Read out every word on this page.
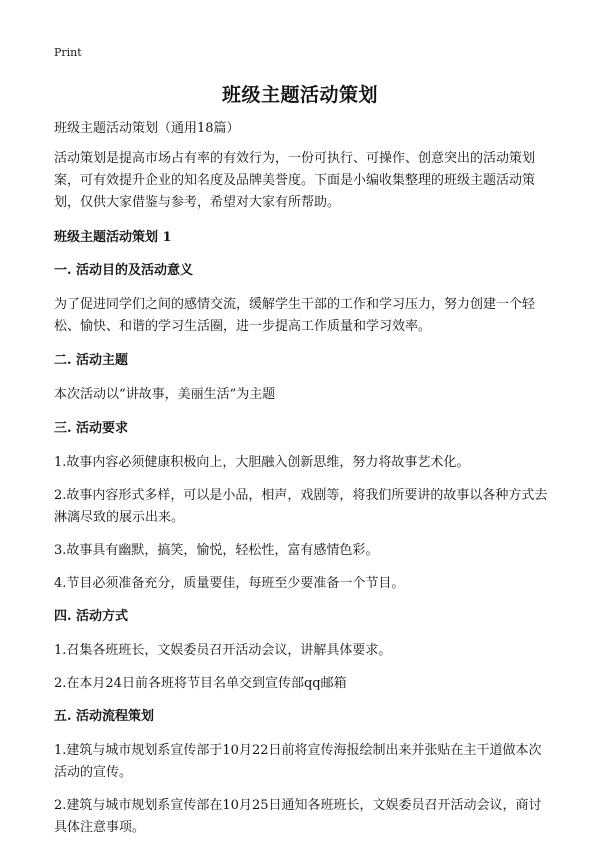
Print
班级主题活动策划

班级主题活动策划（通用18篇）

活动策划是提高市场占有率的有效行为，一份可执行、可操作、创意突出的活动策划案，可有效提升企业的知名度及品牌美誉度。下面是小编收集整理的班级主题活动策划，仅供大家借鉴与参考，希望对大家有所帮助。

班级主题活动策划 1
一. 活动目的及活动意义

为了促进同学们之间的感情交流，缓解学生干部的工作和学习压力，努力创建一个轻松、愉快、和谐的学习生活圈，进一步提高工作质量和学习效率。

二. 活动主题

本次活动以“讲故事，美丽生活”为主题

三. 活动要求

1.故事内容必须健康积极向上，大胆融入创新思维，努力将故事艺术化。

2.故事内容形式多样，可以是小品，相声，戏剧等，将我们所要讲的故事以各种方式去淋漓尽致的展示出来。

3.故事具有幽默，搞笑，愉悦，轻松性，富有感情色彩。

4.节目必须准备充分，质量要佳，每班至少要准备一个节目。

四. 活动方式

1.召集各班班长，文娱委员召开活动会议，讲解具体要求。

2.在本月24日前各班将节目名单交到宣传部qq邮箱

五. 活动流程策划

1.建筑与城市规划系宣传部于10月22日前将宣传海报绘制出来并张贴在主干道做本次活动的宣传。

2.建筑与城市规划系宣传部在10月25日通知各班班长，文娱委员召开活动会议，商讨具体注意事项。
